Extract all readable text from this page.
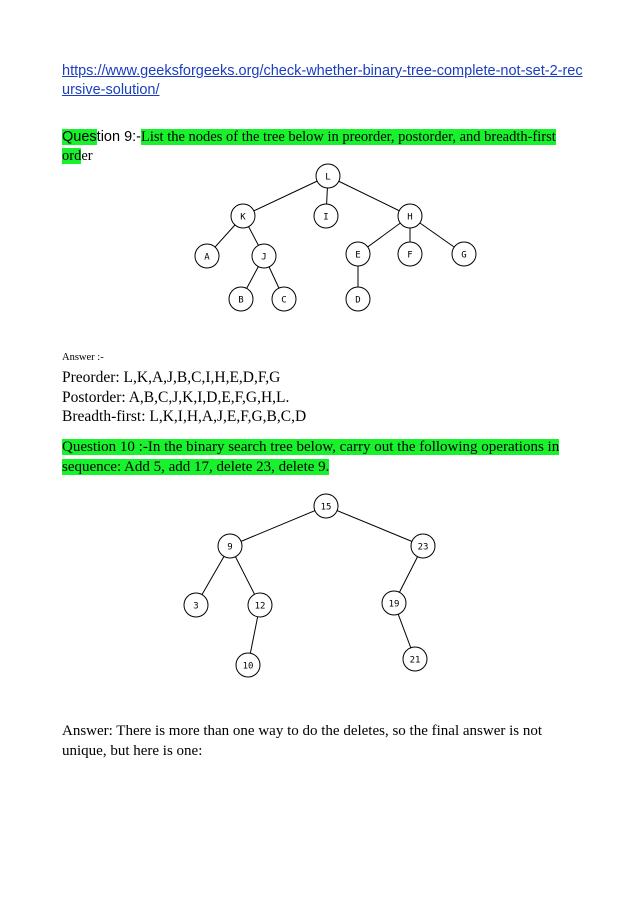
https://www.geeksforgeeks.org/check-whether-binary-tree-complete-not-set-2-recursive-solution/
Question 9:-List the nodes of the tree below in preorder, postorder, and breadth-first order
L
K	I	H
A	J	E	F	G
B	C	D
Answer :-
Preorder: L,K,A,J,B,C,I,H,E,D,F,G
Postorder: A,B,C,J,K,I,D,E,F,G,H,L.
Breadth-first: L,K,I,H,A,J,E,F,G,B,C,D
Question 10 :-In the binary search tree below, carry out the following operations in sequence: Add 5, add 17, delete 23, delete 9.
15
9	23
3	12	19
10
21
Answer: There is more than one way to do the deletes, so the final answer is not unique, but here is one:
